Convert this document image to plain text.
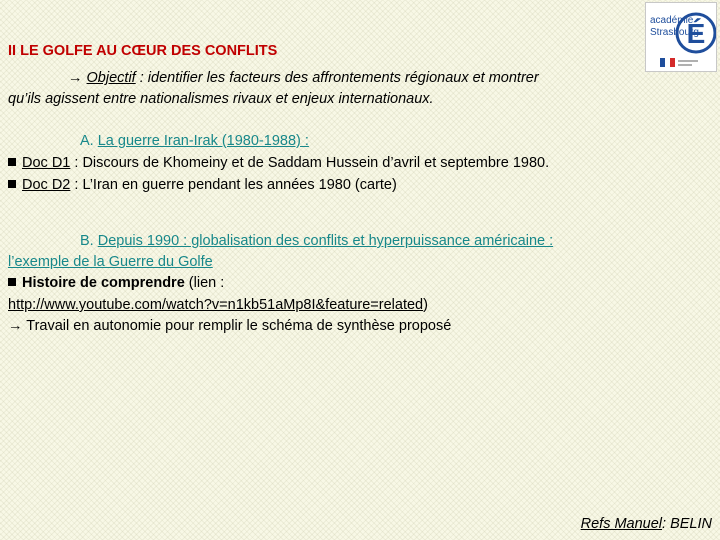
É
académie
Strasbourg
II LE GOLFE AU CŒUR DES CONFLITS
→ Objectif : identifier les facteurs des affrontements régionaux et montrer
qu’ils agissent entre nationalismes rivaux et enjeux internationaux.
A. La guerre Iran-Irak (1980-1988) :
Doc D1 : Discours de Khomeiny et de Saddam Hussein d’avril et septembre 1980.
Doc D2 : L’Iran en guerre pendant les années 1980 (carte)
B. Depuis 1990 : globalisation des conflits et hyperpuissance américaine :
l’exemple de la Guerre du Golfe
Histoire de comprendre (lien :
http://www.youtube.com/watch?v=n1kb51aMp8I&feature=related)
→ Travail en autonomie pour remplir le schéma de synthèse proposé
Refs Manuel: BELIN
